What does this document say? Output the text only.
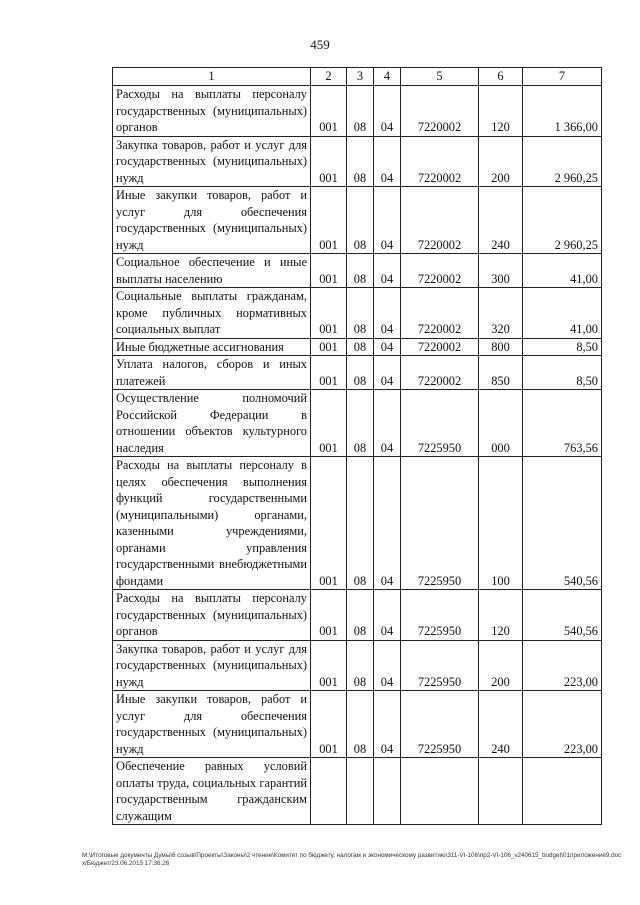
459
1	2	3	4	5	6	7
Расходы на выплаты персоналу государственных (муниципальных) органов	001	08	04	7220002	120	1 366,00
Закупка товаров, работ и услуг для государственных (муниципальных) нужд	001	08	04	7220002	200	2 960,25
Иные закупки товаров, работ и услуг для обеспечения государственных (муниципальных) нужд	001	08	04	7220002	240	2 960,25
Социальное обеспечение и иные выплаты населению	001	08	04	7220002	300	41,00
Социальные выплаты гражданам, кроме публичных нормативных социальных выплат	001	08	04	7220002	320	41,00
Иные бюджетные ассигнования	001	08	04	7220002	800	8,50
Уплата налогов, сборов и иных платежей	001	08	04	7220002	850	8,50
Осуществление полномочий Российской Федерации в отношении объектов культурного наследия	001	08	04	7225950	000	763,56
Расходы на выплаты персоналу в целях обеспечения выполнения функций государственными (муниципальными) органами, казенными учреждениями, органами управления государственными внебюджетными фондами	001	08	04	7225950	100	540,56
Расходы на выплаты персоналу государственных (муниципальных) органов	001	08	04	7225950	120	540,56
Закупка товаров, работ и услуг для государственных (муниципальных) нужд	001	08	04	7225950	200	223,00
Иные закупки товаров, работ и услуг для обеспечения государственных (муниципальных) нужд	001	08	04	7225950	240	223,00
Обеспечение равных условий оплаты труда, социальных гарантий государственным гражданским служащим						
M:\Итоговые документы Думы\6 созыв\Проекты\Законы\2 чтение\Комитет по бюджету, налогам и экономическому развитию\311-VI-106\пр2-VI-106_v240615_budget\01приложение9.docx/Бюджет/23.06.2015 17:36:26
